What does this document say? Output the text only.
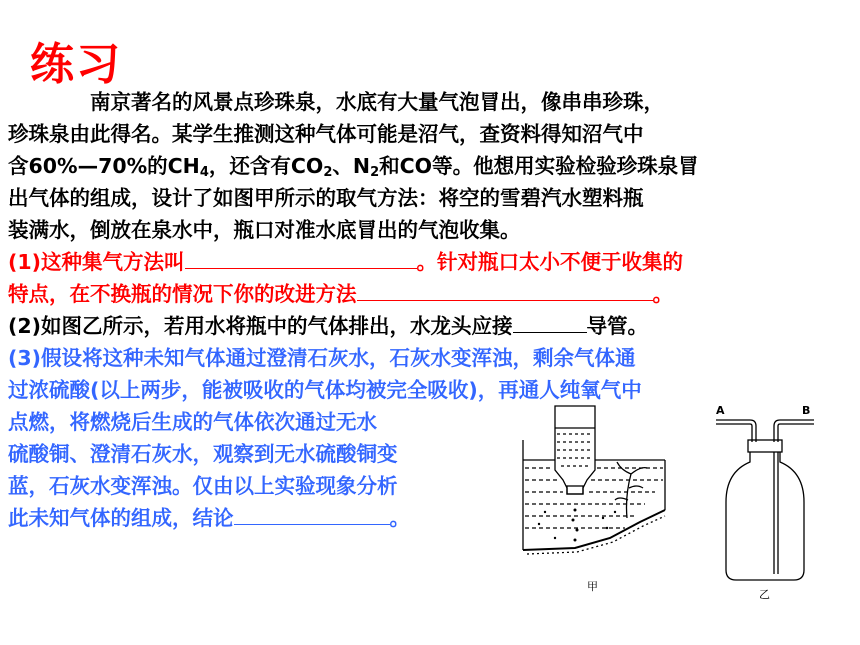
练习
南京著名的风景点珍珠泉，水底有大量气泡冒出，像串串珍珠，
珍珠泉由此得名。某学生推测这种气体可能是沼气，查资料得知沼气中
含60%—70%的$CH_4$，还含有$CO_2$、$N_2$和CO等。他想用实验检验珍珠泉冒
出气体的组成，设计了如图甲所示的取气方法：将空的雪碧汽水塑料瓶
装满水，倒放在泉水中，瓶口对准水底冒出的气泡收集。
(1)这种集气方法叫	。针对瓶口太小不便于收集的
特点，在不换瓶的情况下你的改进方法	。
(2)如图乙所示，若用水将瓶中的气体排出，水龙头应接	导管。
(3)假设将这种未知气体通过澄清石灰水，石灰水变浑浊，剩余气体通
过浓硫酸(以上两步，能被吸收的气体均被完全吸收)，再通人纯氧气中
点燃，将燃烧后生成的气体依次通过无水
硫酸铜、澄清石灰水，观察到无水硫酸铜变
蓝，石灰水变浑浊。仅由以上实验现象分析
此未知气体的组成，结论	。
甲
A	B
乙
